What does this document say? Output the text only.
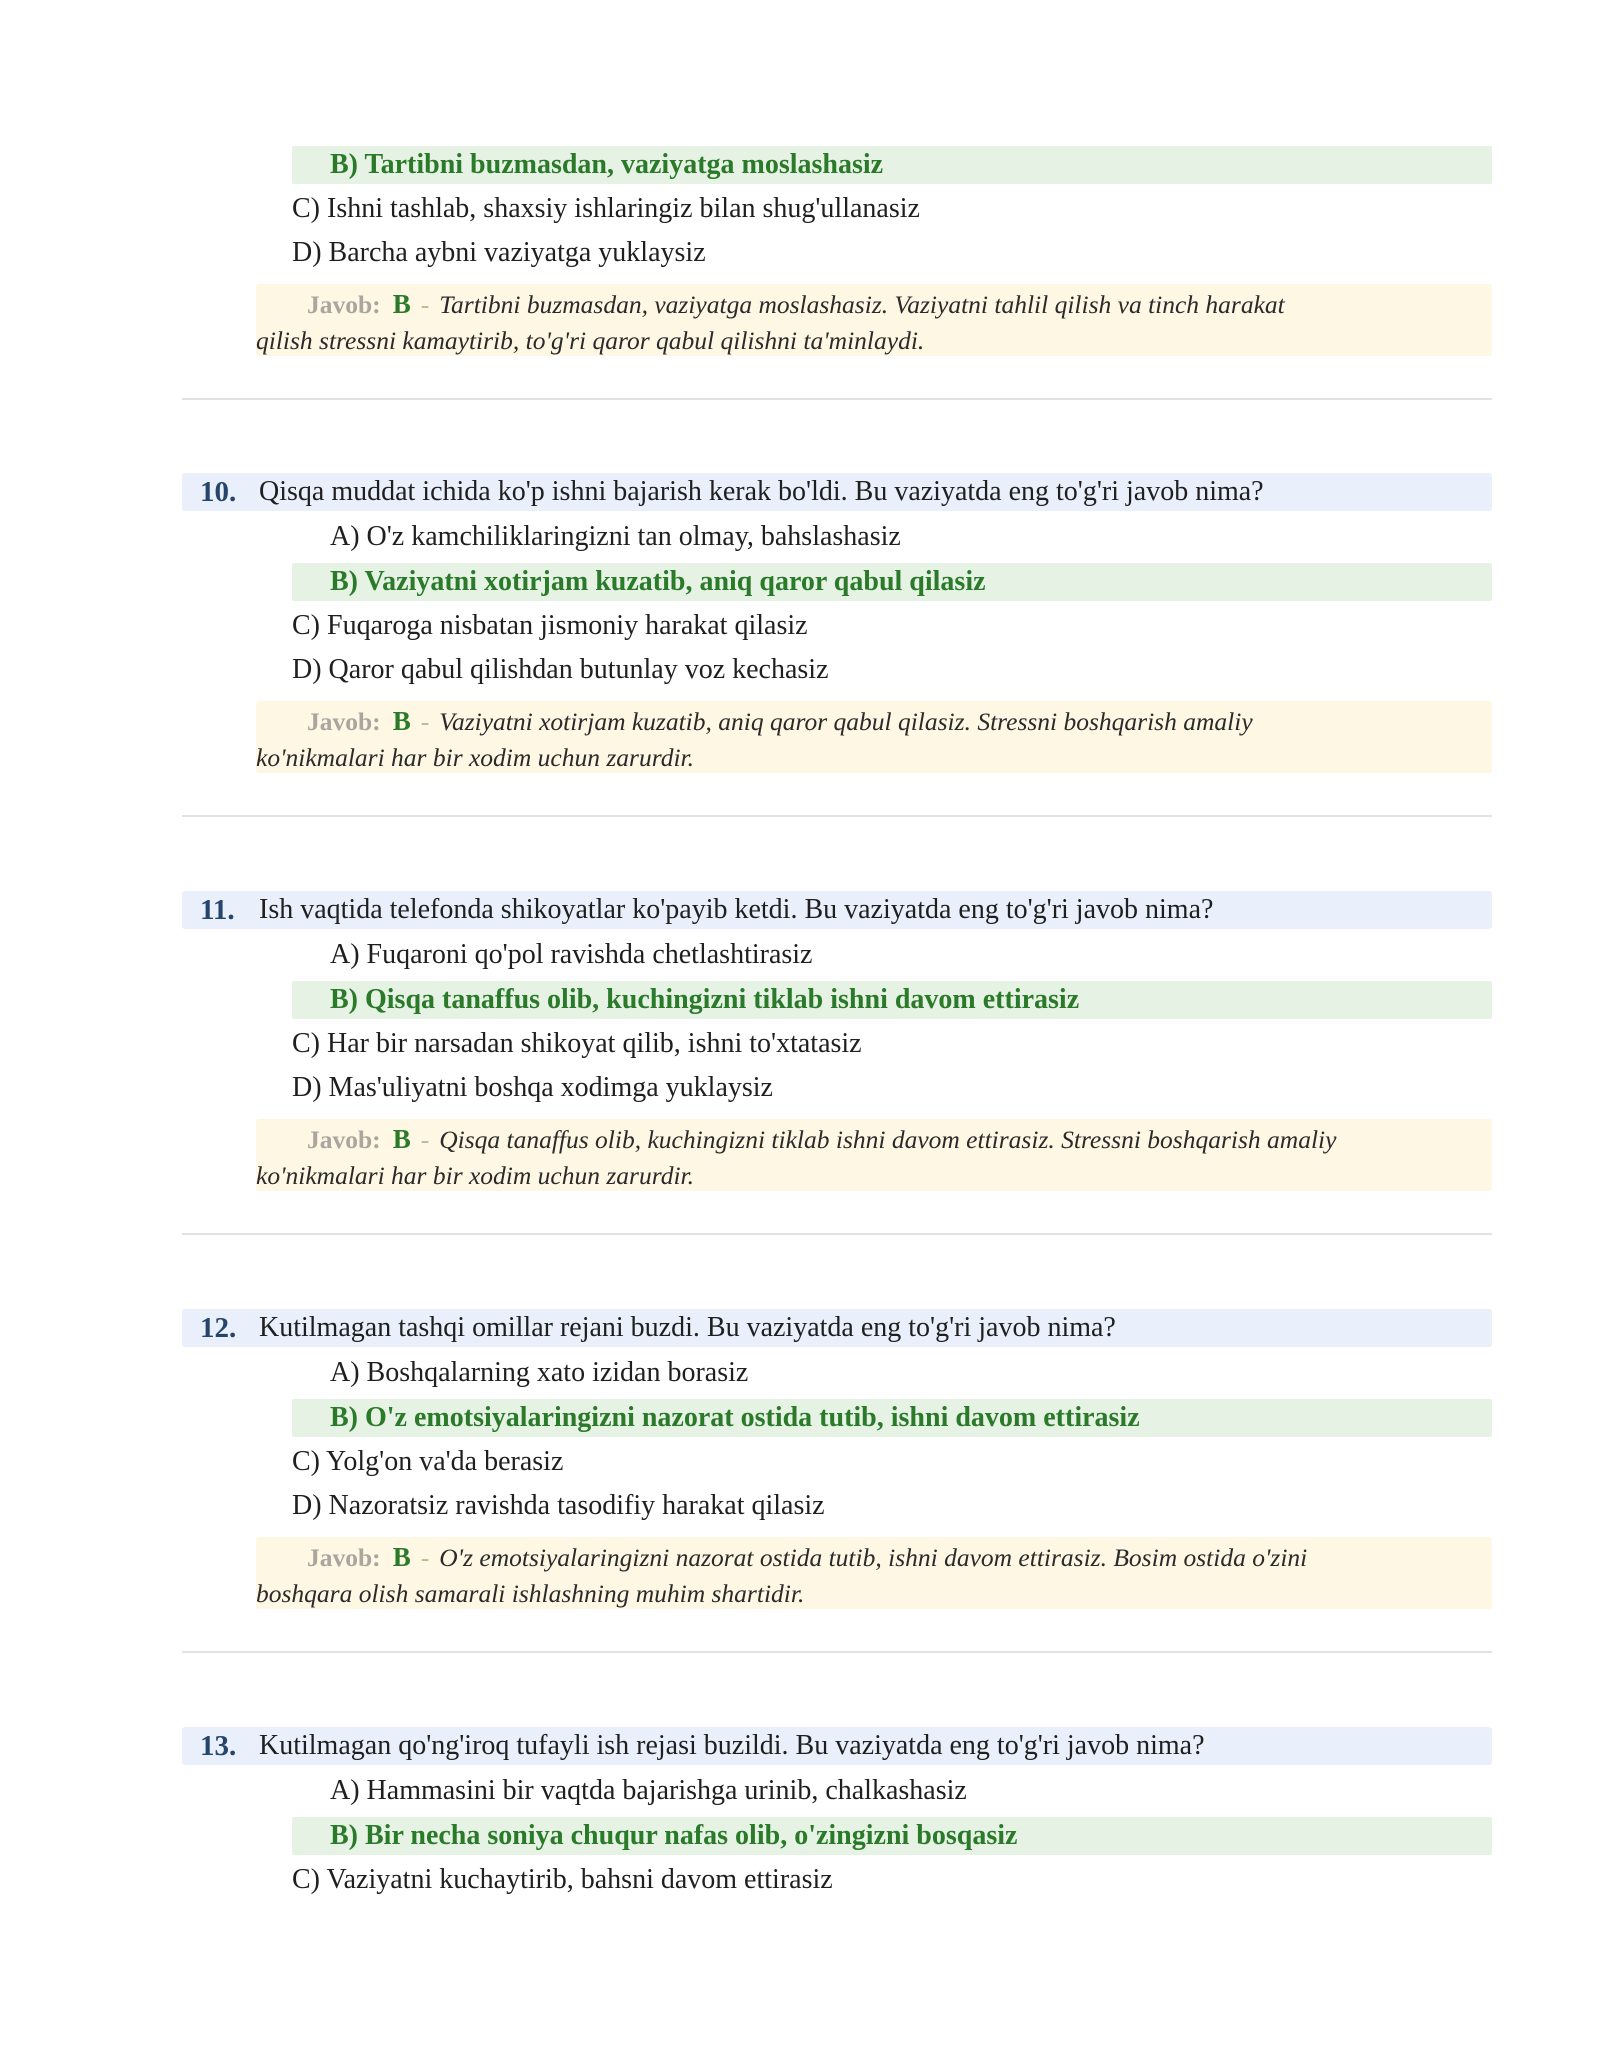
B) Tartibni buzmasdan, vaziyatga moslashasiz
C) Ishni tashlab, shaxsiy ishlaringiz bilan shug'ullanasiz
D) Barcha aybni vaziyatga yuklaysiz
Javob: B - Tartibni buzmasdan, vaziyatga moslashasiz. Vaziyatni tahlil qilish va tinch harakat
qilish stressni kamaytirib, to'g'ri qaror qabul qilishni ta'minlaydi.
10. Qisqa muddat ichida ko'p ishni bajarish kerak bo'ldi. Bu vaziyatda eng to'g'ri javob nima?
A) O'z kamchiliklaringizni tan olmay, bahslashasiz
B) Vaziyatni xotirjam kuzatib, aniq qaror qabul qilasiz
C) Fuqaroga nisbatan jismoniy harakat qilasiz
D) Qaror qabul qilishdan butunlay voz kechasiz
Javob: B - Vaziyatni xotirjam kuzatib, aniq qaror qabul qilasiz. Stressni boshqarish amaliy
ko'nikmalari har bir xodim uchun zarurdir.
11. Ish vaqtida telefonda shikoyatlar ko'payib ketdi. Bu vaziyatda eng to'g'ri javob nima?
A) Fuqaroni qo'pol ravishda chetlashtirasiz
B) Qisqa tanaffus olib, kuchingizni tiklab ishni davom ettirasiz
C) Har bir narsadan shikoyat qilib, ishni to'xtatasiz
D) Mas'uliyatni boshqa xodimga yuklaysiz
Javob: B - Qisqa tanaffus olib, kuchingizni tiklab ishni davom ettirasiz. Stressni boshqarish amaliy
ko'nikmalari har bir xodim uchun zarurdir.
12. Kutilmagan tashqi omillar rejani buzdi. Bu vaziyatda eng to'g'ri javob nima?
A) Boshqalarning xato izidan borasiz
B) O'z emotsiyalaringizni nazorat ostida tutib, ishni davom ettirasiz
C) Yolg'on va'da berasiz
D) Nazoratsiz ravishda tasodifiy harakat qilasiz
Javob: B - O'z emotsiyalaringizni nazorat ostida tutib, ishni davom ettirasiz. Bosim ostida o'zini
boshqara olish samarali ishlashning muhim shartidir.
13. Kutilmagan qo'ng'iroq tufayli ish rejasi buzildi. Bu vaziyatda eng to'g'ri javob nima?
A) Hammasini bir vaqtda bajarishga urinib, chalkashasiz
B) Bir necha soniya chuqur nafas olib, o'zingizni bosqasiz
C) Vaziyatni kuchaytirib, bahsni davom ettirasiz
